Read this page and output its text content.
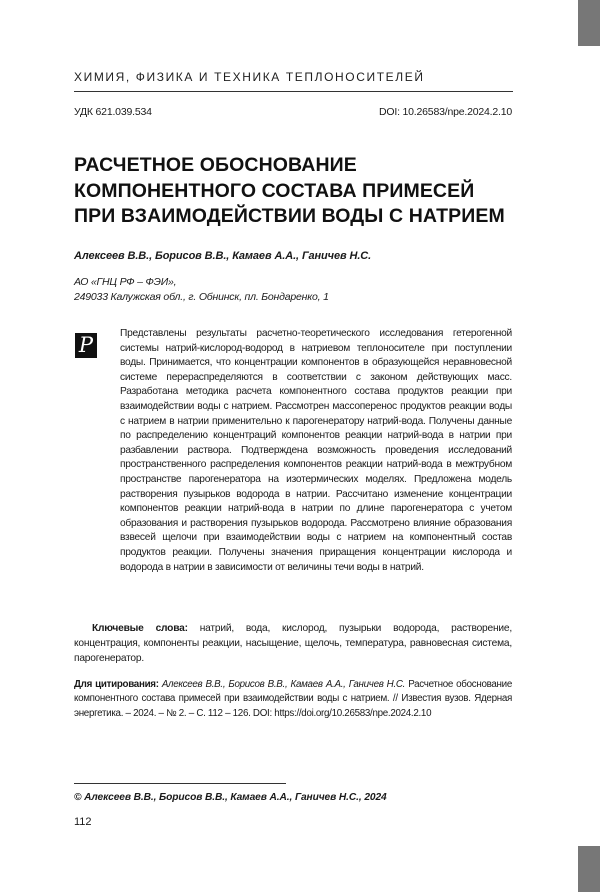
ХИМИЯ, ФИЗИКА И ТЕХНИКА ТЕПЛОНОСИТЕЛЕЙ
УДК 621.039.534	DOI: 10.26583/npe.2024.2.10
РАСЧЕТНОЕ ОБОСНОВАНИЕ
КОМПОНЕНТНОГО СОСТАВА ПРИМЕСЕЙ
ПРИ ВЗАИМОДЕЙСТВИИ ВОДЫ С НАТРИЕМ
Алексеев В.В., Борисов В.В., Камаев А.А., Ганичев Н.С.
АО «ГНЦ РФ – ФЭИ»,
249033 Калужская обл., г. Обнинск, пл. Бондаренко, 1
P	Представлены результаты расчетно-теоретического исследования гетерогенной системы натрий-кислород-водород в натриевом теплоносителе при поступлении воды. Принимается, что концентрации компонентов в образующейся неравновесной системе перераспределяются в соответствии с законом действующих масс. Разработана методика расчета компонентного состава продуктов реакции при взаимодействии воды с натрием. Рассмотрен массоперенос продуктов реакции воды с натрием в натрии применительно к парогенератору натрий-вода. Получены данные по распределению концентраций компонентов реакции натрий-вода в натрии при разбавлении раствора. Подтверждена возможность проведения исследований пространственного распределения компонентов реакции натрий-вода в межтрубном пространстве парогенератора на изотермических моделях. Предложена модель растворения пузырьков водорода в натрии. Рассчитано изменение концентрации компонентов реакции натрий-вода в натрии по длине парогенератора с учетом образования и растворения пузырьков водорода. Рассмотрено влияние образования взвесей щелочи при взаимодействии воды с натрием на компонентный состав продуктов реакции. Получены значения приращения концентрации кислорода и водорода в натрии в зависимости от величины течи воды в натрий.

Ключевые слова: натрий, вода, кислород, пузырьки водорода, растворение, концентрация, компоненты реакции, насыщение, щелочь, температура, равновесная система, парогенератор.

Для цитирования: Алексеев В.В., Борисов В.В., Камаев А.А., Ганичев Н.С. Расчетное обоснование компонентного состава примесей при взаимодействии воды с натрием. // Известия вузов. Ядерная энергетика. – 2024. – № 2. – С. 112 – 126. DOI: https://doi.org/10.26583/npe.2024.2.10

© Алексеев В.В., Борисов В.В., Камаев А.А., Ганичев Н.С., 2024
112
